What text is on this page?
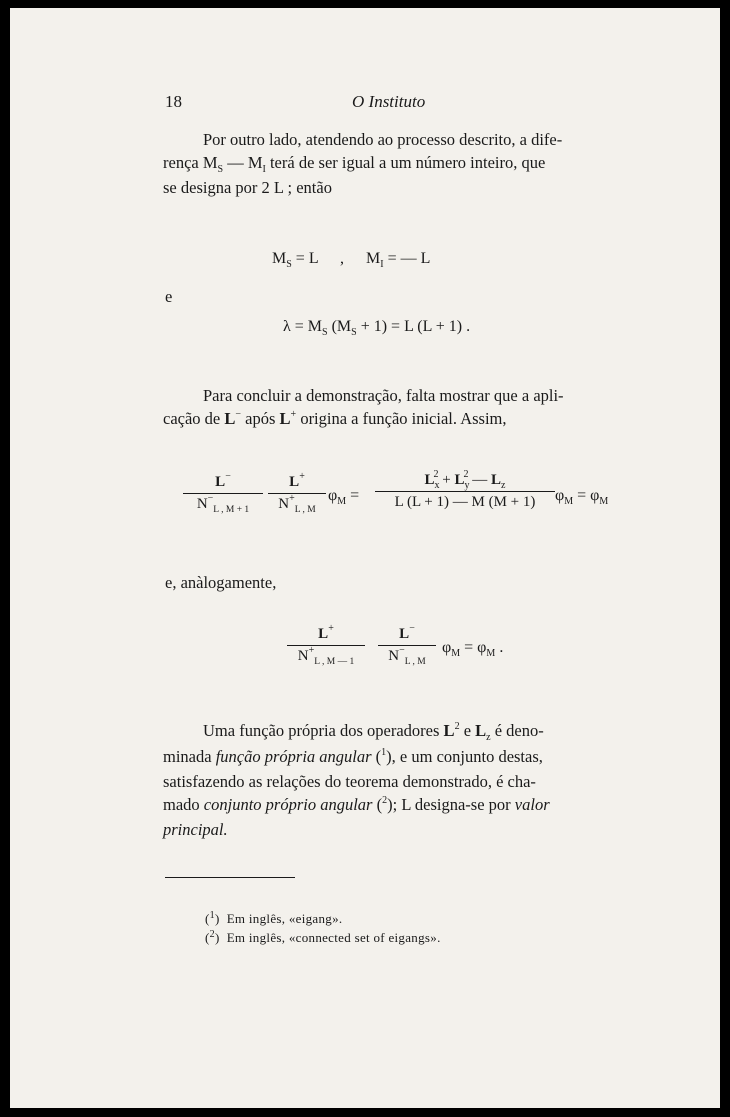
18	O Instituto
Por outro lado, atendendo ao processo descrito, a dife-
rença $M_S$ — $M_I$ terá de ser igual a um número inteiro, que
se designa por 2 L ; então
$M_S = L$ , $M_I$ = — L
e
$\lambda = M_S$ $(M_S + 1) = L$ (L + 1) .
Para concluir a demonstração, falta mostrar que a apli-
cação de L− após L+ origina a função inicial. Assim,
$\frac{L^-}{N^-_{L , M + 1}} \frac{L^+}{N^+_{L , M}} \varphi_M = \frac{L_x^2 + L_y^2 — L_z}{L (L + 1) — M (M + 1)} \varphi_M = \varphi_M$
e, anàlogamente,
$\frac{L^+}{N^+_{L , M — 1}} \frac{L^-}{N^-_{L , M}} \varphi_M = \varphi_M$ .
Uma função própria dos operadores $L^2$ e $L_z$ é deno-
minada função própria angular ($^1$), e um conjunto destas,
satisfazendo as relações do teorema demonstrado, é cha-
mado conjunto próprio angular ($^2$); L designa-se por valor
principal.
($^1$)  Em inglês, «eigang».
($^2$)  Em inglês, «connected set of eigangs».
